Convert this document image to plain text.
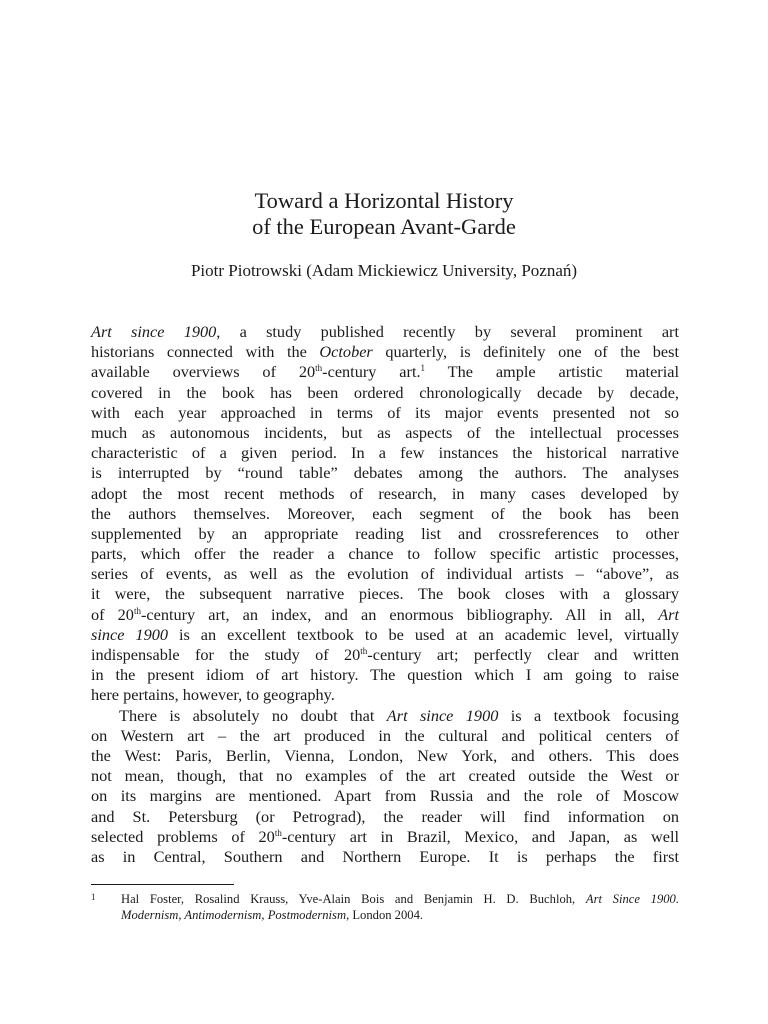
Toward a Horizontal History
of the European Avant-Garde
Piotr Piotrowski (Adam Mickiewicz University, Poznań)
Art since 1900, a study published recently by several prominent art
historians connected with the October quarterly, is definitely one of the best
available overviews of 20th-century art.$^1$ The ample artistic material
covered in the book has been ordered chronologically decade by decade,
with each year approached in terms of its major events presented not so
much as autonomous incidents, but as aspects of the intellectual processes
characteristic of a given period. In a few instances the historical narrative
is interrupted by “round table” debates among the authors. The analyses
adopt the most recent methods of research, in many cases developed by
the authors themselves. Moreover, each segment of the book has been
supplemented by an appropriate reading list and crossreferences to other
parts, which offer the reader a chance to follow specific artistic processes,
series of events, as well as the evolution of individual artists – “above”, as
it were, the subsequent narrative pieces. The book closes with a glossary
of 20th-century art, an index, and an enormous bibliography. All in all, Art
since 1900 is an excellent textbook to be used at an academic level, virtually
indispensable for the study of 20th-century art; perfectly clear and written
in the present idiom of art history. The question which I am going to raise
here pertains, however, to geography.
There is absolutely no doubt that Art since 1900 is a textbook focusing
on Western art – the art produced in the cultural and political centers of
the West: Paris, Berlin, Vienna, London, New York, and others. This does
not mean, though, that no examples of the art created outside the West or
on its margins are mentioned. Apart from Russia and the role of Moscow
and St. Petersburg (or Petrograd), the reader will find information on
selected problems of 20th-century art in Brazil, Mexico, and Japan, as well
as in Central, Southern and Northern Europe. It is perhaps the first
1 Hal Foster, Rosalind Krauss, Yve-Alain Bois and Benjamin H. D. Buchloh, Art Since 1900.
Modernism, Antimodernism, Postmodernism, London 2004.
